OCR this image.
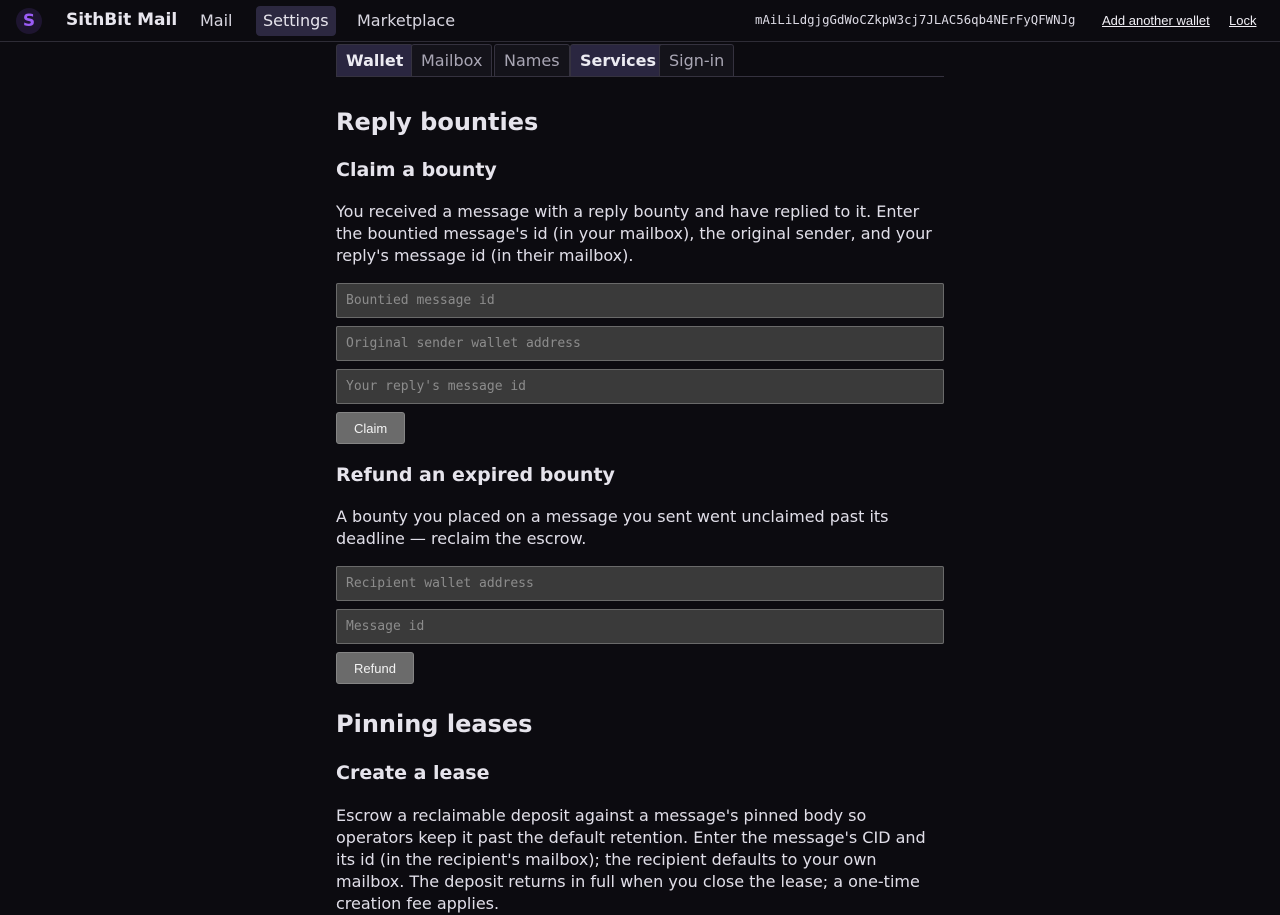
S	SithBit Mail	Mail	Settings	Marketplace	mAiLiLdgjgGdWoCZkpW3cj7JLAC56qb4NErFyQFWNJg Add another wallet Lock
Wallet	Mailbox	Names	Services Sign-in
Reply bounties
Claim a bounty

You received a message with a reply bounty and have replied to it. Enter the bountied message's id (in your mailbox), the original sender, and your reply's message id (in their mailbox).

Bountied message id
Original sender wallet address
Your reply's message id
Claim
Refund an expired bounty

A bounty you placed on a message you sent went unclaimed past its deadline — reclaim the escrow.

Recipient wallet address
Message id
Refund
Pinning leases
Create a lease

Escrow a reclaimable deposit against a message's pinned body so operators keep it past the default retention. Enter the message's CID and its id (in the recipient's mailbox); the recipient defaults to your own mailbox. The deposit returns in full when you close the lease; a one-time creation fee applies.
